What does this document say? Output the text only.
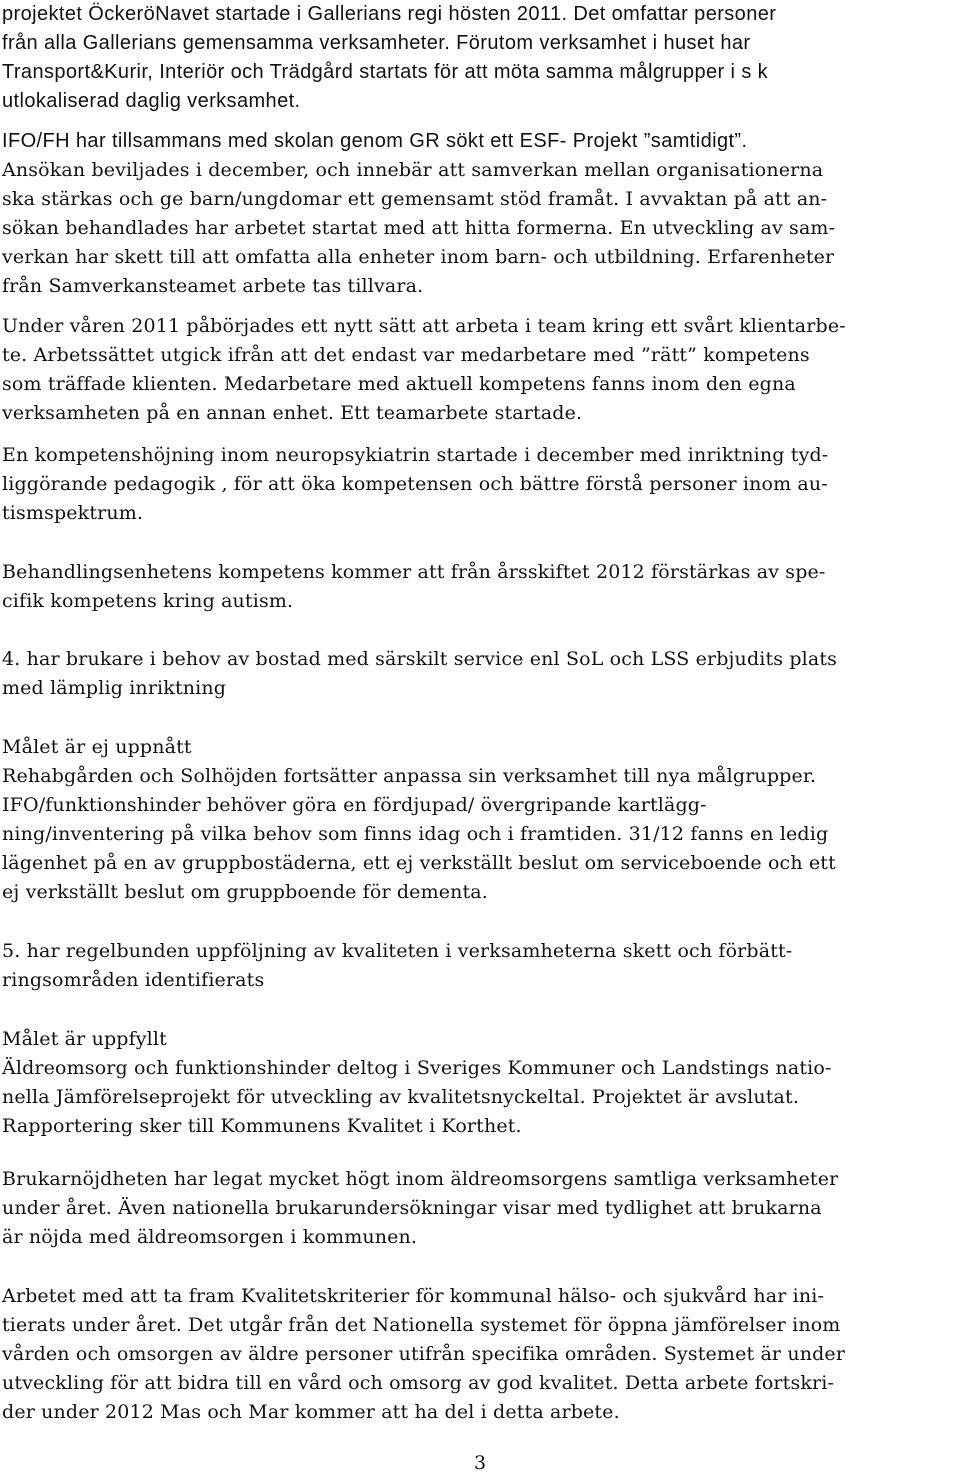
projektet ÖckeröNavet startade i Gallerians regi hösten 2011. Det omfattar personer
från alla Gallerians gemensamma verksamheter. Förutom verksamhet i huset har
Transport&Kurir, Interiör och Trädgård startats för att möta samma målgrupper i s k
utlokaliserad daglig verksamhet.
IFO/FH har tillsammans med skolan genom GR sökt ett ESF- Projekt ”samtidigt”.
Ansökan beviljades i december, och innebär att samverkan mellan organisationerna
ska stärkas och ge barn/ungdomar ett gemensamt stöd framåt. I avvaktan på att an-
sökan behandlades har arbetet startat med att hitta formerna. En utveckling av sam-
verkan har skett till att omfatta alla enheter inom barn- och utbildning. Erfarenheter
från Samverkansteamet arbete tas tillvara.
Under våren 2011 påbörjades ett nytt sätt att arbeta i team kring ett svårt klientarbe-
te. Arbetssättet utgick ifrån att det endast var medarbetare med ”rätt” kompetens
som träffade klienten. Medarbetare med aktuell kompetens fanns inom den egna
verksamheten på en annan enhet. Ett teamarbete startade.
En kompetenshöjning inom neuropsykiatrin startade i december med inriktning tyd-
liggörande pedagogik , för att öka kompetensen och bättre förstå personer inom au-
tismspektrum.
Behandlingsenhetens kompetens kommer att från årsskiftet 2012 förstärkas av spe-
cifik kompetens kring autism.
4. har brukare i behov av bostad med särskilt service enl SoL och LSS erbjudits plats
med lämplig inriktning
Målet är ej uppnått
Rehabgården och Solhöjden fortsätter anpassa sin verksamhet till nya målgrupper.
IFO/funktionshinder behöver göra en fördjupad/ övergripande kartlägg-
ning/inventering på vilka behov som finns idag och i framtiden. 31/12 fanns en ledig
lägenhet på en av gruppbostäderna, ett ej verkställt beslut om serviceboende och ett
ej verkställt beslut om gruppboende för dementa.
5. har regelbunden uppföljning av kvaliteten i verksamheterna skett och förbätt-
ringsområden identifierats
Målet är uppfyllt
Äldreomsorg och funktionshinder deltog i Sveriges Kommuner och Landstings natio-
nella Jämförelseprojekt för utveckling av kvalitetsnyckeltal. Projektet är avslutat.
Rapportering sker till Kommunens Kvalitet i Korthet.
Brukarnöjdheten har legat mycket högt inom äldreomsorgens samtliga verksamheter
under året. Även nationella brukarundersökningar visar med tydlighet att brukarna
är nöjda med äldreomsorgen i kommunen.
Arbetet med att ta fram Kvalitetskriterier för kommunal hälso- och sjukvård har ini-
tierats under året. Det utgår från det Nationella systemet för öppna jämförelser inom
vården och omsorgen av äldre personer utifrån specifika områden. Systemet är under
utveckling för att bidra till en vård och omsorg av god kvalitet. Detta arbete fortskri-
der under 2012 Mas och Mar kommer att ha del i detta arbete.
3
